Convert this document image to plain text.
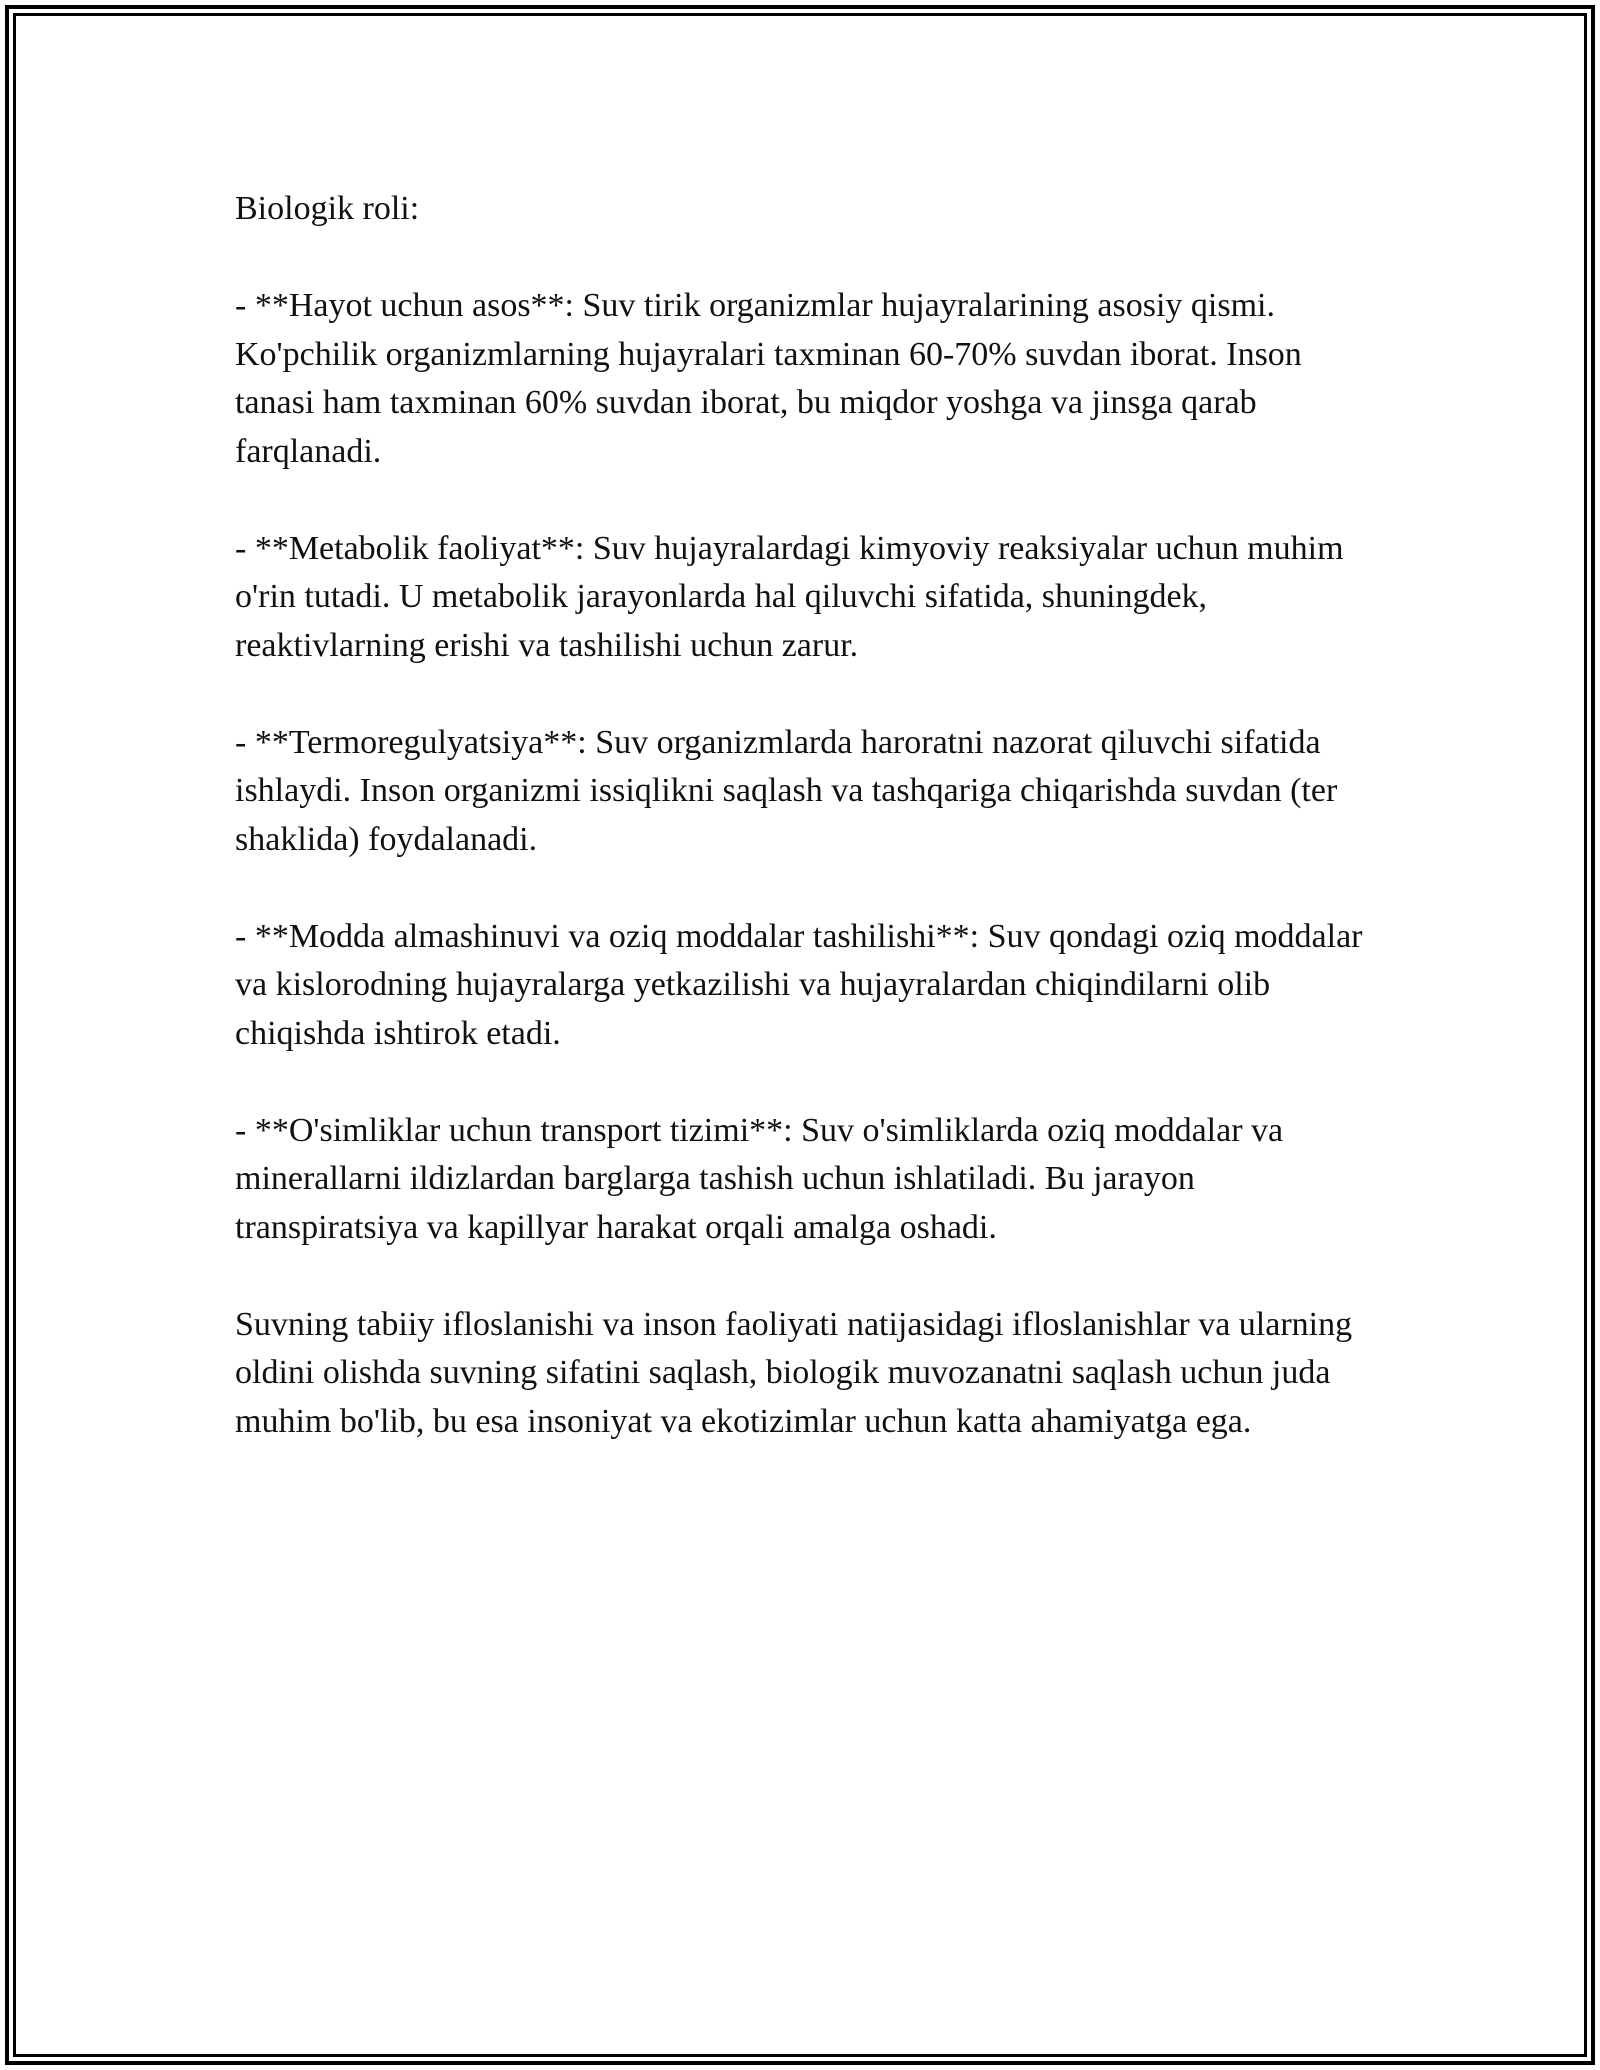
Biologik roli:

- **Hayot uchun asos**: Suv tirik organizmlar hujayralarining asosiy qismi. Ko'pchilik organizmlarning hujayralari taxminan 60-70% suvdan iborat. Inson tanasi ham taxminan 60% suvdan iborat, bu miqdor yoshga va jinsga qarab farqlanadi.

- **Metabolik faoliyat**: Suv hujayralardagi kimyoviy reaksiyalar uchun muhim o'rin tutadi. U metabolik jarayonlarda hal qiluvchi sifatida, shuningdek, reaktivlarning erishi va tashilishi uchun zarur.

- **Termoregulyatsiya**: Suv organizmlarda haroratni nazorat qiluvchi sifatida ishlaydi. Inson organizmi issiqlikni saqlash va tashqariga chiqarishda suvdan (ter shaklida) foydalanadi.

- **Modda almashinuvi va oziq moddalar tashilishi**: Suv qondagi oziq moddalar va kislorodning hujayralarga yetkazilishi va hujayralardan chiqindilarni olib chiqishda ishtirok etadi.

- **O'simliklar uchun transport tizimi**: Suv o'simliklarda oziq moddalar va minerallarni ildizlardan barglarga tashish uchun ishlatiladi. Bu jarayon transpiratsiya va kapillyar harakat orqali amalga oshadi.

Suvning tabiiy ifloslanishi va inson faoliyati natijasidagi ifloslanishlar va ularning oldini olishda suvning sifatini saqlash, biologik muvozanatni saqlash uchun juda muhim bo'lib, bu esa insoniyat va ekotizimlar uchun katta ahamiyatga ega.
